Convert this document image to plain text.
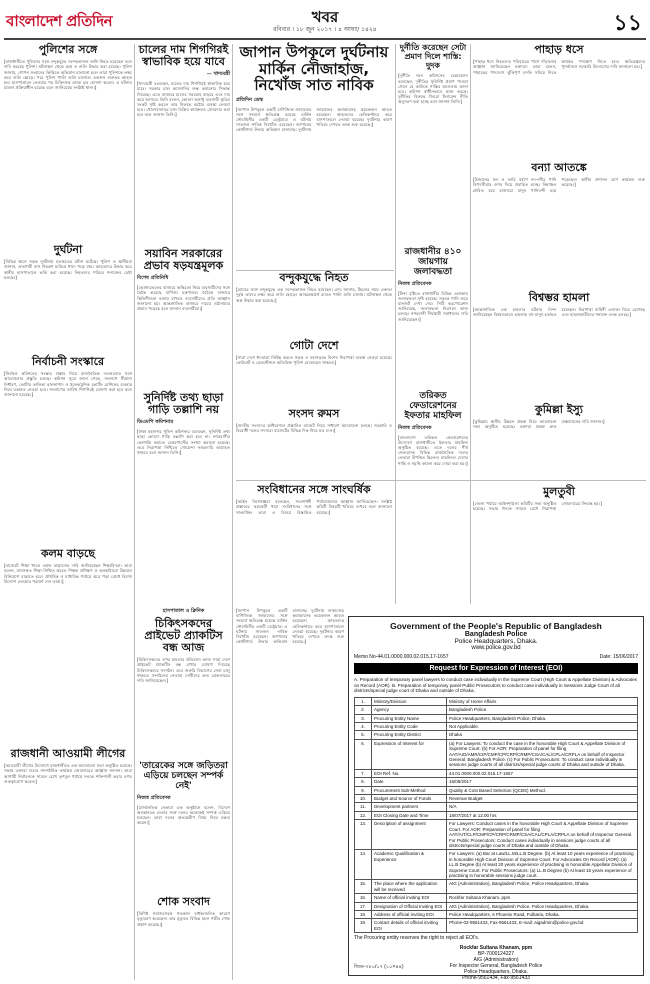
বাংলাদেশ প্রতিদিন	খবর
রবিবার । ১৮ জুন ২০১৭ । ৪ আষাঢ় ১৪২৪	১১
পুলিশের সঙ্গে
[রাজধানীতে পুলিশের সঙ্গে বন্দুকযুদ্ধে সন্দেহভাজন জঙ্গি নিহত হয়েছেন বলে দাবি করেছে পুলিশ। ঘটনাস্থল থেকে অস্ত্র ও গুলি উদ্ধার করা হয়েছে। পুলিশ জানায়, গোপন সংবাদের ভিত্তিতে অভিযান চালানো হলে তারা পুলিশকে লক্ষ্য করে গুলি ছোড়ে। পরে পুলিশ পাল্টা গুলি চালালে একজন গুরুতর আহত হন। হাসপাতালে নেওয়ার পর চিকিৎসক তাকে মৃত ঘোষণা করেন। এ ঘটনায় মামলা প্রক্রিয়াধীন রয়েছে বলে জানিয়েছে সংশ্লিষ্ট থানা।]
দুর্ঘটনা
[বিভিন্ন স্থানে সড়ক দুর্ঘটনায় হতাহতের ঘটনা ঘটেছে। পুলিশ ও স্থানীয়রা জানান, দ্রুতগামী বাস নিয়ন্ত্রণ হারিয়ে খাদে পড়ে যায়। আহতদের উদ্ধার করে স্থানীয় হাসপাতালে ভর্তি করা হয়েছে। নিহতদের পরিচয় শনাক্তের চেষ্টা চলছে।]
নির্বাচনী সংস্কারে
[নির্বাচন কমিশনের সংস্কার প্রস্তাব নিয়ে রাজনৈতিক দলগুলোর সঙ্গে আলোচনার প্রস্তুতি চলছে। কমিশন সূত্রে জানা গেছে, সংলাপে সীমানা নির্ধারণ, ভোটার তালিকা হালনাগাদ ও ইলেকট্রনিক ভোটিং মেশিনের ব্যবহার নিয়ে মতামত নেওয়া হবে। সংলাপের তারিখ শিগগিরই ঘোষণা করা হবে বলে জানানো হয়েছে।]
কলম বাড়ছে
[বাজেটে শিক্ষা খাতে বরাদ্দ বাড়ানোর দাবি জানিয়েছেন শিক্ষাবিদরা। তারা বলেন, মানসম্মত শিক্ষা নিশ্চিত করতে শিক্ষক প্রশিক্ষণ ও অবকাঠামো উন্নয়নে বিনিয়োগ বাড়াতে হবে। প্রাথমিক ও মাধ্যমিক পর্যায়ে ঝরে পড়া রোধে বিশেষ উদ্যোগ নেওয়ার পরামর্শ দেন তারা।]
রাজধানী আওয়ামী লীগের
[আওয়ামী লীগের উদ্যোগে রাজধানীতে এক আলোচনা সভা অনুষ্ঠিত হয়েছে। সভায় বক্তারা দলের সাংগঠনিক কার্যক্রম জোরদারের আহ্বান জানান। তারা আগামী নির্বাচনকে সামনে রেখে তৃণমূল পর্যায়ে দলকে শক্তিশালী করার ওপর গুরুত্বারোপ করেন।]
চালের দাম শিগগিরই স্বাভাবিক হয়ে যাবে
— খাদ্যমন্ত্রী
[খাদ্যমন্ত্রী বলেছেন, চালের দাম শিগগিরই স্বাভাবিক হয়ে যাবে। সরকার চাল আমদানির শুল্ক কমানোর সিদ্ধান্ত নিয়েছে। এতে বাজারে চালের সরবরাহ বাড়বে এবং দাম কমে আসবে। তিনি বলেন, কোনো অসাধু ব্যবসায়ী কৃত্রিম সংকট সৃষ্টি করলে তার বিরুদ্ধে কঠোর ব্যবস্থা নেওয়া হবে। খোলাবাজারে চাল বিক্রির কার্যক্রমও জোরদার করা হবে বলে জানান তিনি।]
সয়াবিন সরকারের প্রভাব ষড়যন্ত্রমূলক
বিশেষ প্রতিনিধি
[ভোজ্যতেলের বাজারে অস্থিরতা নিয়ে ব্যবসায়ীদের সঙ্গে বৈঠক করেছে বাণিজ্য মন্ত্রণালয়। বৈঠকে বাজারে স্থিতিশীলতা বজায় রাখতে ব্যবসায়ীদের প্রতি আহ্বান জানানো হয়। আন্তর্জাতিক বাজারে দামের ওঠানামার প্রভাব পড়েছে বলে জানান ব্যবসায়ীরা।]
সুনির্দিষ্ট তথ্য ছাড়া গাড়ি তল্লাশি নয়
ডিএমপি কমিশনার
[ঢাকা মহানগর পুলিশ কমিশনার বলেছেন, সুনির্দিষ্ট তথ্য ছাড়া কোনো গাড়ি তল্লাশি করা হবে না। নগরবাসীর ভোগান্তি কমাতে চেকপোস্টের সংখ্যা কমানো হয়েছে। তবে নিরাপত্তা নিশ্চিতে গোয়েন্দা নজরদারি অব্যাহত থাকবে বলে জানান তিনি।]
হাসপাতাল ও ক্লিনিক
চিকিৎসকদের প্রাইভেট প্র্যাকটিস বন্ধ আজ
[চিকিৎসকদের ওপর হামলার প্রতিবাদে আজ সারা দেশে প্রাইভেট প্র্যাকটিস বন্ধ রাখার ঘোষণা দিয়েছে চিকিৎসকদের সংগঠন। তবে জরুরি বিভাগের সেবা চালু থাকবে। সংগঠনের নেতারা দোষীদের দ্রুত গ্রেফতারের দাবি জানিয়েছেন।]
'তারেকের সঙ্গে জড়িতরা এড়িয়ে চলছেন সম্পর্ক নেই'
নিজস্ব প্রতিবেদক
[রাজনৈতিক নেতারা এক অনুষ্ঠানে বলেন, বিদেশে অবস্থানরত নেতার সঙ্গে দলের অনেকেই সম্পর্ক এড়িয়ে চলছেন। তারা দলের অভ্যন্তরীণ বিষয় নিয়ে মন্তব্য করেন।]
শোক সংবাদ
[বিশিষ্ট সমাজসেবক গতকাল বার্ধক্যজনিত কারণে মৃত্যুবরণ করেছেন। তার মৃত্যুতে বিভিন্ন মহল গভীর শোক প্রকাশ করেছে।]
জাপান উপকূলে দুর্ঘটনায় মার্কিন নৌজাহাজ, নিখোঁজ সাত নাবিক
প্রতিদিন ডেস্ক
[জাপান উপকূলে একটি বাণিজ্যিক জাহাজের সঙ্গে সংঘর্ষে ক্ষতিগ্রস্ত হয়েছে মার্কিন নৌবাহিনীর একটি ডেস্ট্রয়ার। এ ঘটনায় সাতজন নাবিক নিখোঁজ রয়েছেন। জাপানের কোস্টগার্ড উদ্ধার অভিযান চালাচ্ছে। দুর্ঘটনায় জাহাজের কমান্ডারসহ কয়েকজন আহত হয়েছেন। আহতদের হেলিকপ্টারে করে হাসপাতালে নেওয়া হয়েছে। দুর্ঘটনার কারণ খতিয়ে দেখতে তদন্ত শুরু হয়েছে।]
বন্দুকযুদ্ধে নিহত
[র‍্যাবের সঙ্গে বন্দুকযুদ্ধে এক সন্দেহভাজন নিহত হয়েছেন। র‍্যাব জানায়, টহলের সময় একদল দুর্বৃত্ত তাদের লক্ষ্য করে গুলি ছোড়ে। আত্মরক্ষার্থে র‍্যাবও পাল্টা গুলি চালায়। ঘটনাস্থল থেকে অস্ত্র উদ্ধার করা হয়েছে।]
গোটা দেশে
[সারা দেশে ঈদযাত্রা নির্বিঘ্ন করতে সড়ক ও মহাসড়কে বিশেষ নিরাপত্তা ব্যবস্থা নেওয়া হয়েছে। ফেরিঘাট ও রেলস্টেশনে অতিরিক্ত পুলিশ মোতায়েন থাকবে।]
সংসদ রুমস
[জাতীয় সংসদের অধিবেশনে প্রস্তাবিত বাজেট নিয়ে সাধারণ আলোচনা চলছে। সরকারি ও বিরোধী দলের সদস্যরা বাজেটের বিভিন্ন দিক নিয়ে মত দেন।]
দুর্নীতি করেছেন সেটা প্রমাণ দিলে শাস্তি: দুদক
[দুর্নীতি দমন কমিশনের চেয়ারম্যান বলেছেন, দুর্নীতির সুনির্দিষ্ট প্রমাণ পাওয়া গেলে যে কাউকে শাস্তির আওতায় আনা হবে। কমিশন স্বাধীনভাবে কাজ করছে। দুর্নীতির বিরুদ্ধে জিরো টলারেন্স নীতি অনুসরণ করা হচ্ছে বলে জানান তিনি।]
রাজধানীর ৪১০ জায়গায় জলাবদ্ধতা
নিজস্ব প্রতিবেদক
[টানা বৃষ্টিতে রাজধানীর বিভিন্ন এলাকায় জলাবদ্ধতা সৃষ্টি হয়েছে। সড়কে পানি জমে যানজট দেখা দেয়। সিটি করপোরেশন জানিয়েছে, জলাবদ্ধতা নিরসনে কাজ চলছে। নগরবাসী দীর্ঘস্থায়ী সমাধানের দাবি জানিয়েছেন।]
তরিকত ফেডারেশনের ইফতার মাহফিল
নিজস্ব প্রতিবেদক
[বাংলাদেশ তরিকত ফেডারেশনের উদ্যোগে রাজধানীতে ইফতার মাহফিল অনুষ্ঠিত হয়েছে। এতে দলের শীর্ষ নেতারাসহ বিভিন্ন রাজনৈতিক দলের নেতারা উপস্থিত ছিলেন। মাহফিলে দেশের শান্তি ও সমৃদ্ধি কামনা করে দোয়া করা হয়।]
পাহাড় ধসে
[পাহাড় ধসে নিহতদের পরিবারের পাশে দাঁড়ানোর আহ্বান জানিয়েছেন বক্তারা। তারা বলেন, পাহাড়ের পাদদেশে ঝুঁকিপূর্ণ বসতি সরিয়ে নিতে কার্যকর পদক্ষেপ নিতে হবে। ক্ষতিগ্রস্তদের পুনর্বাসনে সরকারি উদ্যোগের দাবি জানানো হয়।]
বন্যা আতঙ্কে
[উজানের ঢল ও ভারি বর্ষণে নদ-নদীর পানি বিপৎসীমার ওপর দিয়ে প্রবাহিত হচ্ছে। নিম্নাঞ্চল প্লাবিত হয়ে হাজারো মানুষ পানিবন্দী হয়ে পড়েছেন। স্থানীয় প্রশাসন ত্রাণ কার্যক্রম শুরু করেছে।]
বিশ্বম্ভর হামলা
[আন্তর্জাতিক এক হামলার ঘটনায় নিন্দা জানিয়েছেন বিশ্বনেতারা। হামলায় বহু মানুষ হতাহত হয়েছেন। নিরাপত্তা বাহিনী এলাকা ঘিরে রেখেছে এবং হামলাকারীদের শনাক্তে তদন্ত চলছে।]
কুমিল্লা ইস্যু
[কুমিল্লায় স্থানীয় উন্নয়ন প্রকল্প নিয়ে আলোচনা সভা অনুষ্ঠিত হয়েছে। বক্তারা প্রকল্প দ্রুত বাস্তবায়নের দাবি জানান।]
মুলতুবী
[জেলা পর্যায়ে আইনশৃঙ্খলা কমিটির সভা অনুষ্ঠিত হয়েছে। সভায় ঈদকে সামনে রেখে নিরাপত্তা জোরদারের সিদ্ধান্ত হয়।]
সংবিধানের সঙ্গে সাংঘর্ষিক
[আইন বিশেষজ্ঞরা বলেছেন, সংশোধনী প্রস্তাবের কয়েকটি ধারা সংবিধানের সঙ্গে সাংঘর্ষিক। তারা এ বিষয়ে বিস্তারিত পর্যালোচনার আহ্বান জানিয়েছেন। সংশ্লিষ্ট কমিটি বিষয়টি খতিয়ে দেখবে বলে জানানো হয়েছে।]
[জাপান উপকূলে একটি বাণিজ্যিক জাহাজের সঙ্গে সংঘর্ষে ক্ষতিগ্রস্ত হয়েছে মার্কিন নৌবাহিনীর একটি ডেস্ট্রয়ার। এ ঘটনায় সাতজন নাবিক নিখোঁজ রয়েছেন। জাপানের কোস্টগার্ড উদ্ধার অভিযান চালাচ্ছে। দুর্ঘটনায় জাহাজের কমান্ডারসহ কয়েকজন আহত হয়েছেন। আহতদের হেলিকপ্টারে করে হাসপাতালে নেওয়া হয়েছে। দুর্ঘটনার কারণ খতিয়ে দেখতে তদন্ত শুরু হয়েছে।]
Government of the People's Republic of Bangladesh
Bangladesh Police
Police Headquarters, Dhaka.
www.police.gov.bd
Memo No-44.01.0000.000.02.015.17-1657	Date: 15/06/2017
Request for Expression of Interest (EOI)
A. Preparation of temporary panel lawyers to conduct case individually in the Supreme Court (High Court & Appellate Division) & Advocates on Record (AOR). B. Preparation of temporary panel Public Prosecutors to conduct case individually in Sessions Judge Court of all districts/special judge court of Dhaka and outside of Dhaka.
1.	Ministry/Division	Ministry of Home Affairs
2.	Agency	Bangladesh Police.
3.	Procuring Entity Name	Police Headquarters, Bangladesh Police, Dhaka.
4.	Procuring Entity Code	Not Applicable.
5.	Procuring Entity District	Dhaka
6.	Expression of Interest for	(a) For Lawyers: To conduct the case in the honorable High Court & Appellate Division of Supreme Court. (b) For AOR: Preparation of panel for filing AAT/AIO/AMR/CIP/CMP/CP/CRP/CRMP/CSA/CAL/CPLA/CRPLA on behalf of Inspector General, Bangladesh Police. (c) For Public Prosecutors: To conduct case individually in sessions judge courts of all districts/special judge courts of Dhaka and outside of Dhaka.
7.	EOI Ref. No.	44.01.0000.000.02.015.17-1657
8.	Date	15/06/2017
9.	Procurement Sub-Method	Quality & Cost Based Selection (QCBS) Method.
10.	Budget and Source of Funds	Revenue Budget
11.	Development partners	N/A
12.	EOI Closing Date and Time	18/07/2017 at 12.00 hrs
13.	Description of assignment	For Lawyers: Conduct cases in the honorable High Court & Appellate Division of Supreme Court. For AOR: Preparation of panel for filing AAT/AIT/CLP/CMP/CP/CRP/CRMP/CSA/CAL/CPLA/CRPLA on behalf of Inspector General. For Public Prosecutors: Conduct cases individually in sessions judge courts of all districts/special judge courts of Dhaka and outside of Dhaka.
14.	Academic Qualification & Experience	For Lawyers: (a) Bar at Law/LL.M/LL.B Degree. (b) At least 10 years experience of practising in honorable High Court Division of Supreme Court. For Advocates On Record (AOR): (a) LL.B Degree (b) At least 20 years experience of practising in honorable Appellate Division of Supreme Court. For Public Prosecutors: (a) LL.B Degree (b) At least 15 years experience of practising in honorable sessions judge court.
15.	The place where the application will be received	AIG (Administration), Bangladesh Police, Police Headquarters, Dhaka.
16.	Name of official inviting EOI	Rockfar Sultana Khanam, ppm
17.	Designation of Official Inviting EOI	AIG (Administration), Bangladesh Police, Police Headquarters, Dhaka.
18.	Address of official inviting EOI	Police Headquarters, 6 Phoenix Road, Fulbaria, Dhaka.
19.	Contact details of official inviting EOI	Phone-02-9561433, Fax-9561433, E-mail: aigadmin@police.gov.bd
The Procuring entity reserves the right to reject all EOI's.
Rockfar Sultana Khanam, ppm
BP-7000124227
AIG (Administration)
For Inspector General, Bangladesh Police
Police Headquarters, Dhaka.
Phone-9561434, Fax-9561433
জিড-৭৮০/১৭ (১০×৪৪)
